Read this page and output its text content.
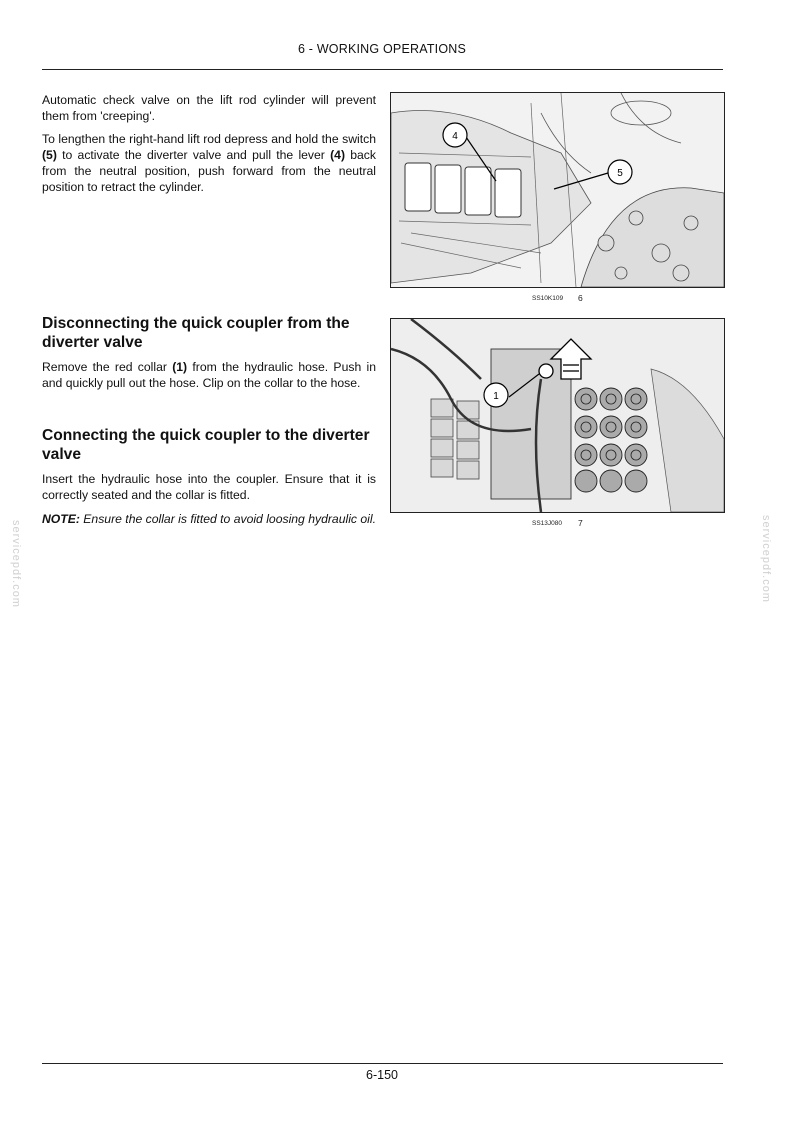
6 - WORKING OPERATIONS

Automatic check valve on the lift rod cylinder will prevent them from 'creeping'.

To lengthen the right-hand lift rod depress and hold the switch (5) to activate the diverter valve and pull the lever (4) back from the neutral position, push forward from the neutral position to retract the cylinder.

Disconnecting the quick coupler from the diverter valve

Remove the red collar (1) from the hydraulic hose. Push in and quickly pull out the hose. Clip on the collar to the hose.

Connecting the quick coupler to the diverter valve

Insert the hydraulic hose into the coupler. Ensure that it is correctly seated and the collar is fitted.

NOTE: Ensure the collar is fitted to avoid loosing hydraulic oil.

4
5
SS10K109 6
1
SS13J080 7
servicepdf.com	servicepdf.com
6-150
